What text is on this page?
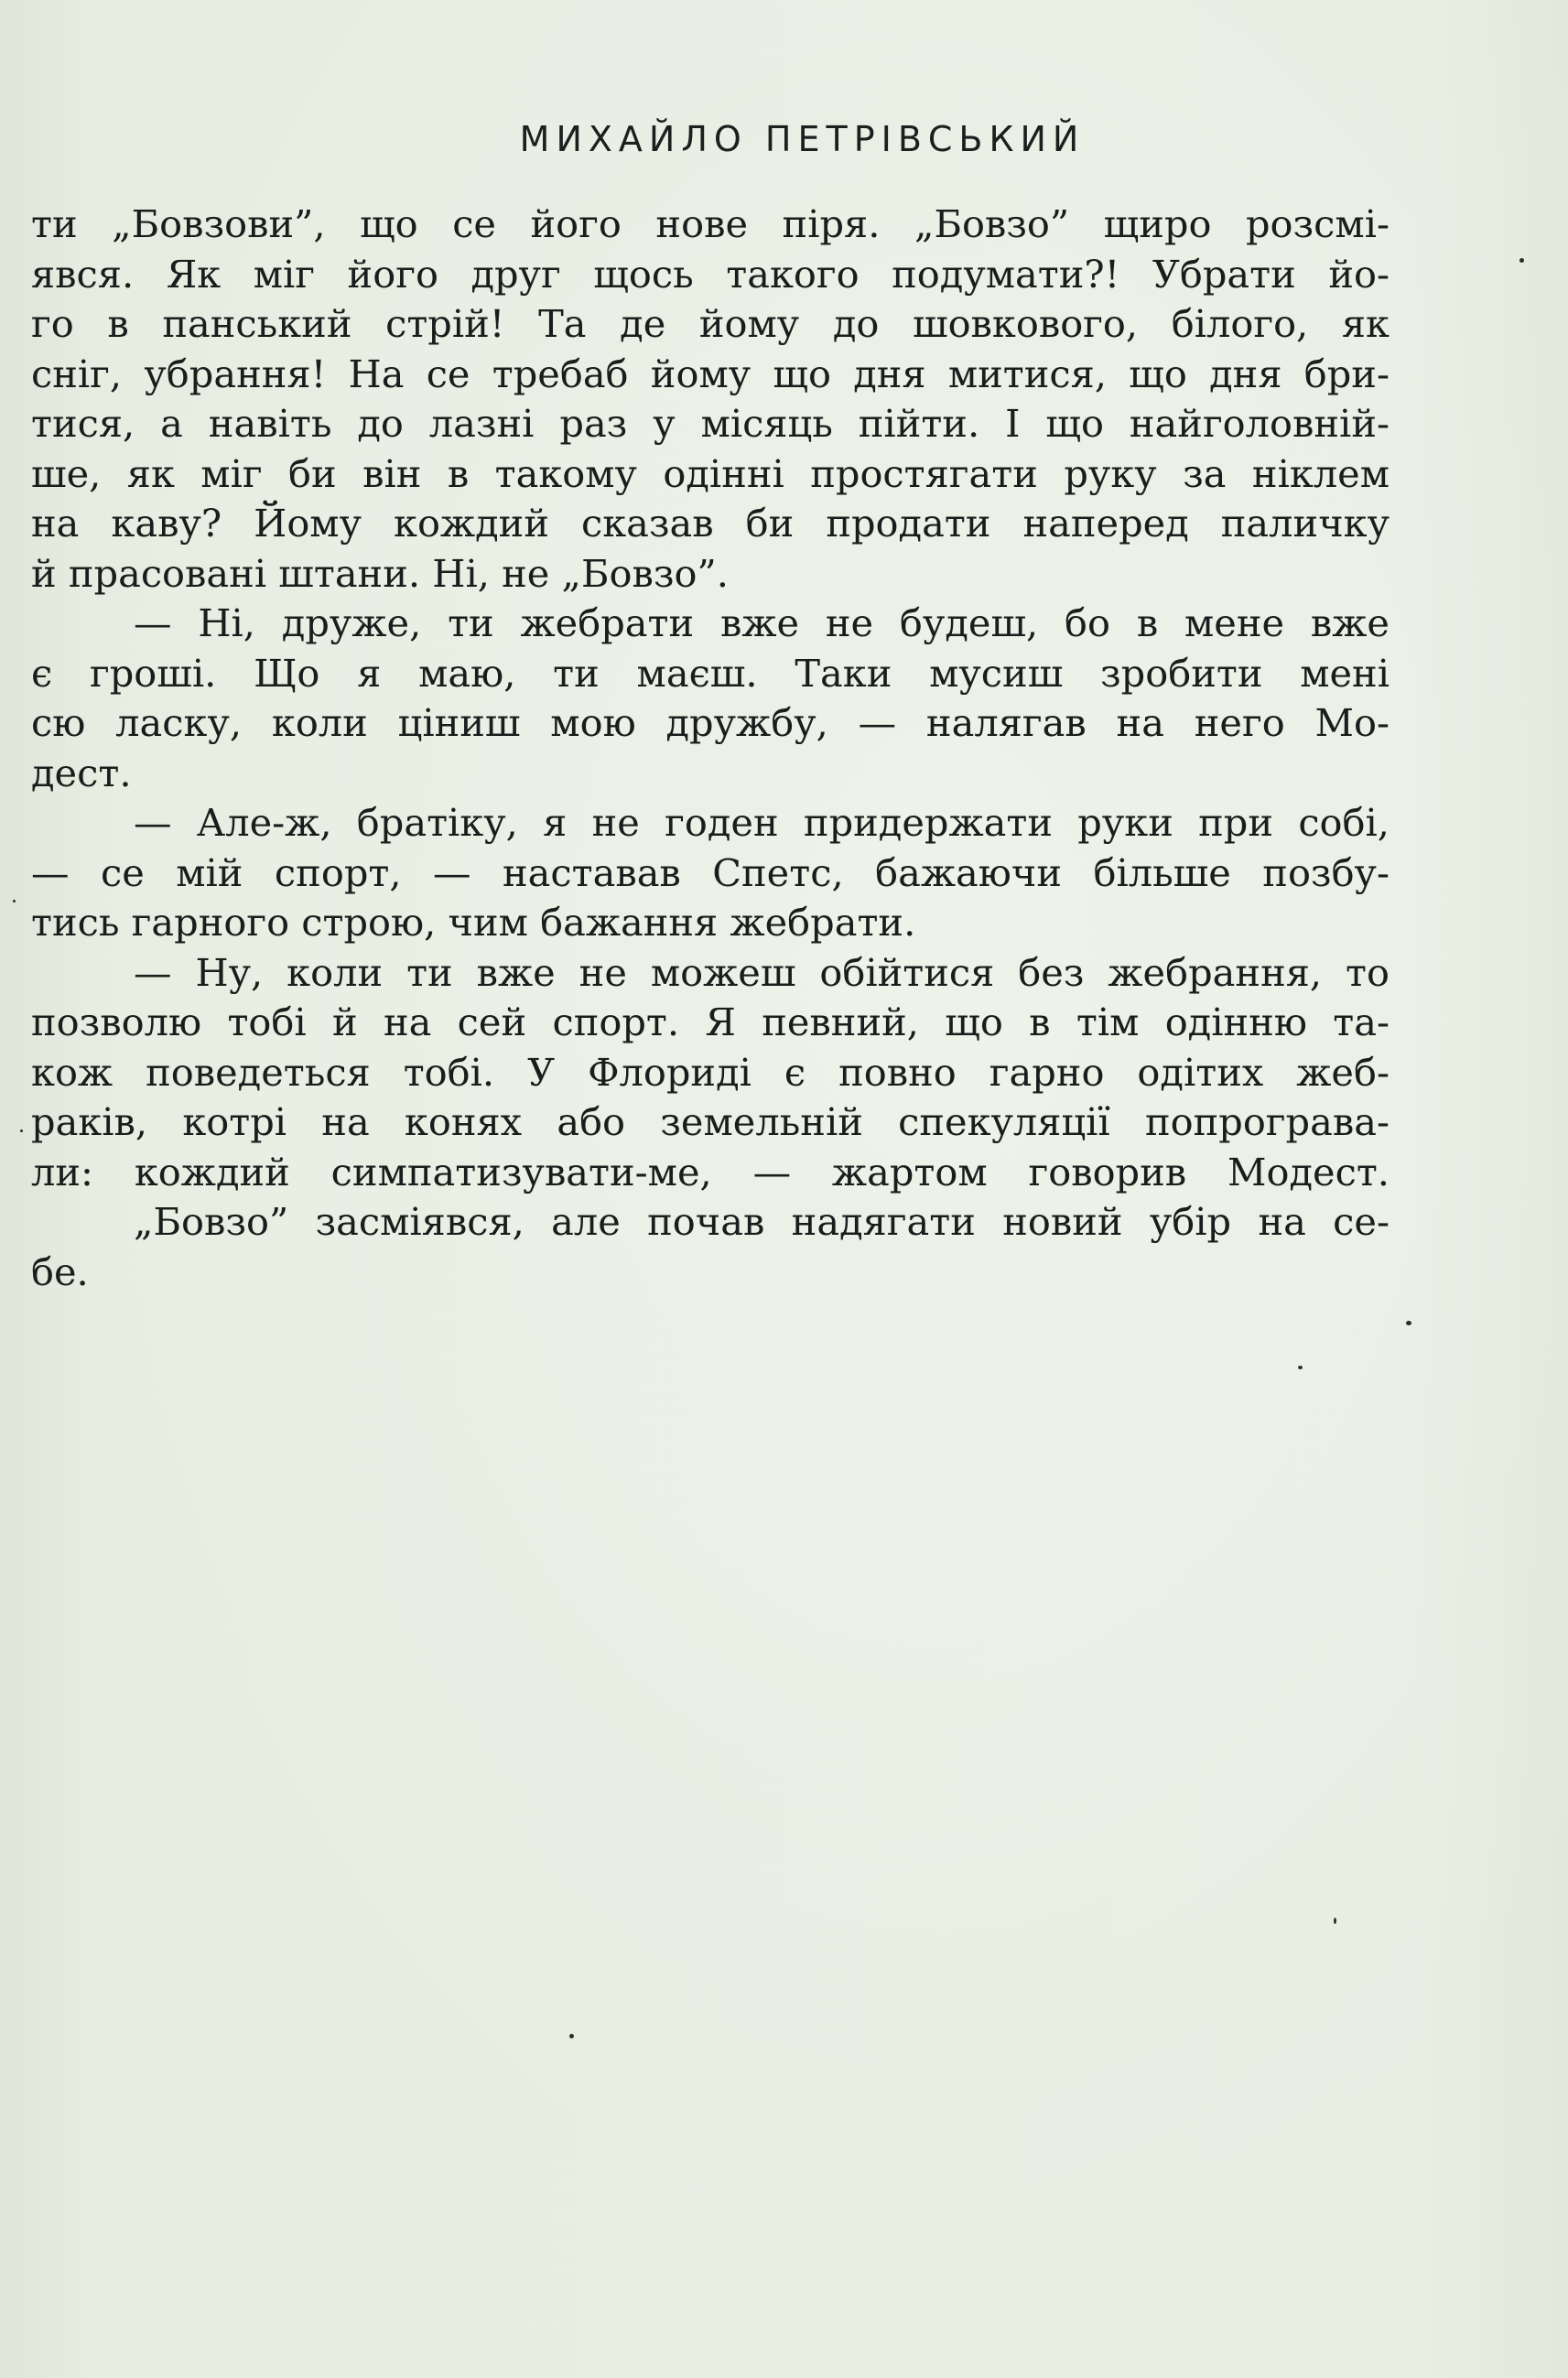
МИХАЙЛО ПЕТРІВСЬКИЙ
ти „Бовзови”, що се його нове піря. „Бовзо” щиро розсмі-
явся. Як міг його друг щось такого подумати?! Убрати йо-
го в панський стрій! Та де йому до шовкового, білого, як
сніг, убрання! На се требаб йому що дня митися, що дня бри-
тися, а навіть до лазні раз у місяць пійти. І що найголовній-
ше, як міг би він в такому одінні простягати руку за ніклем
на каву? Йому кождий сказав би продати наперед паличку
й прасовані штани. Ні, не „Бовзо”.
— Ні, друже, ти жебрати вже не будеш, бо в мене вже
є гроші. Що я маю, ти маєш. Таки мусиш зробити мені
сю ласку, коли ціниш мою дружбу, — налягав на него Мо-
дест.
— Але-ж, братіку, я не годен придержати руки при собі,
— се мій спорт, — наставав Спетс, бажаючи більше позбу-
тись гарного строю, чим бажання жебрати.
— Ну, коли ти вже не можеш обійтися без жебрання, то
позволю тобі й на сей спорт. Я певний, що в тім одінню та-
кож поведеться тобі. У Флориді є повно гарно одітих жеб-
раків, котрі на конях або земельній спекуляції попрограва-
ли: кождий симпатизувати-ме, — жартом говорив Модест.
„Бовзо” засміявся, але почав надягати новий убір на се-
бе.
